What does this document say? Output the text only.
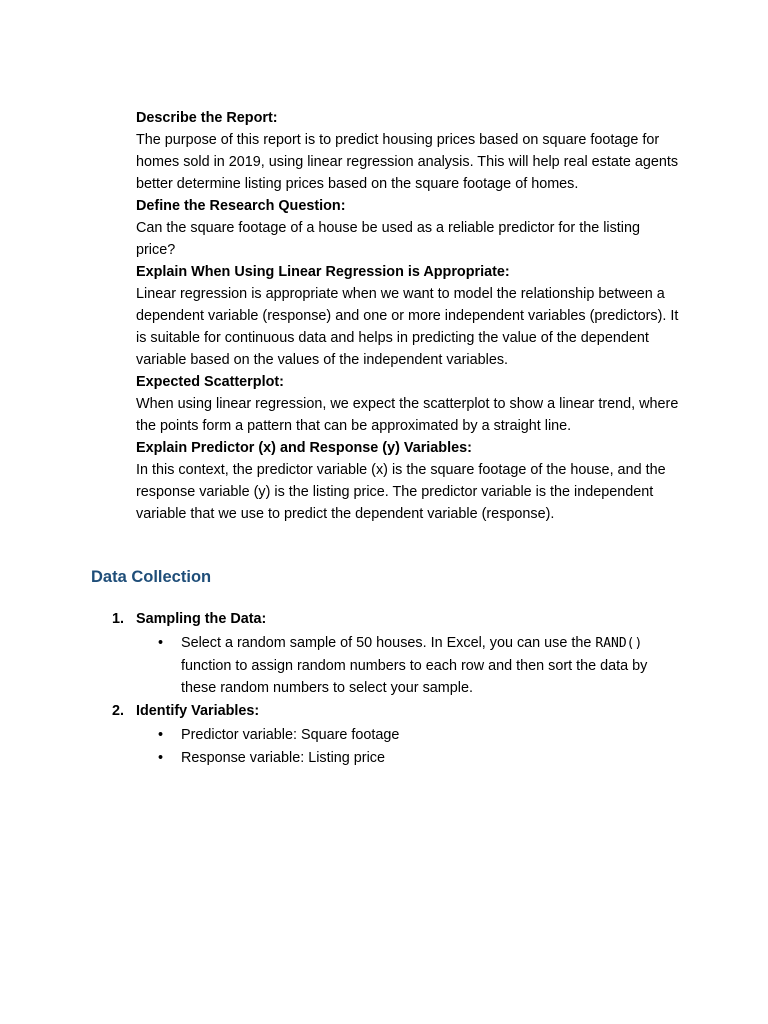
Describe the Report:

The purpose of this report is to predict housing prices based on square footage for homes sold in 2019, using linear regression analysis. This will help real estate agents better determine listing prices based on the square footage of homes.

Define the Research Question:

Can the square footage of a house be used as a reliable predictor for the listing price?

Explain When Using Linear Regression is Appropriate:

Linear regression is appropriate when we want to model the relationship between a dependent variable (response) and one or more independent variables (predictors). It is suitable for continuous data and helps in predicting the value of the dependent variable based on the values of the independent variables.

Expected Scatterplot:

When using linear regression, we expect the scatterplot to show a linear trend, where the points form a pattern that can be approximated by a straight line.

Explain Predictor (x) and Response (y) Variables:

In this context, the predictor variable (x) is the square footage of the house, and the response variable (y) is the listing price. The predictor variable is the independent variable that we use to predict the dependent variable (response).

Data Collection
1. Sampling the Data:
• Select a random sample of 50 houses. In Excel, you can use the RAND() function to assign random numbers to each row and then sort the data by these random numbers to select your sample.
2. Identify Variables:
• Predictor variable: Square footage
• Response variable: Listing price
